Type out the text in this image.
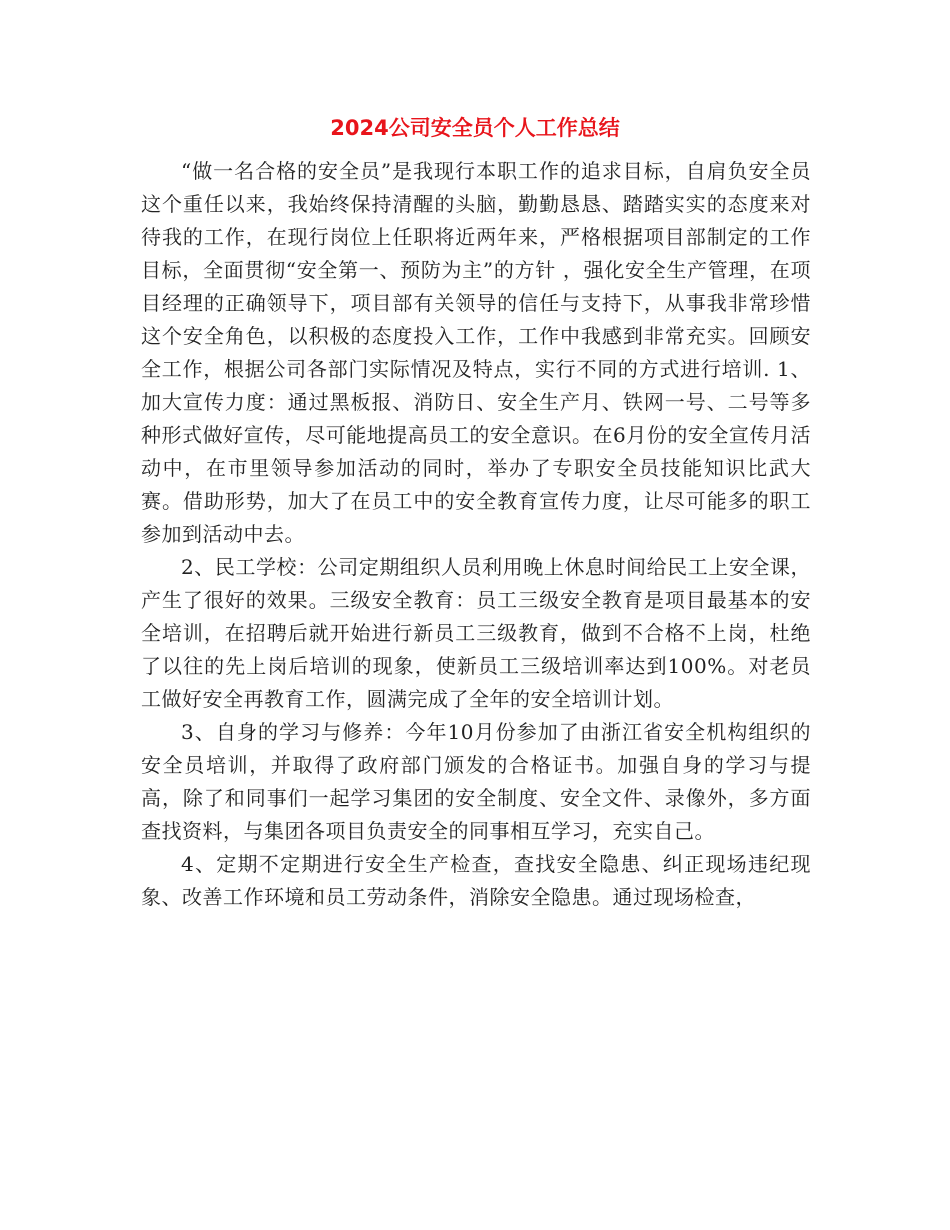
2024公司安全员个人工作总结

“做一名合格的安全员”是我现行本职工作的追求目标，自肩负安全员这个重任以来，我始终保持清醒的头脑，勤勤恳恳、踏踏实实的态度来对待我的工作，在现行岗位上任职将近两年来，严格根据项目部制定的工作目标，全面贯彻“安全第一、预防为主”的方针 ，强化安全生产管理，在项目经理的正确领导下，项目部有关领导的信任与支持下，从事我非常珍惜这个安全角色，以积极的态度投入工作，工作中我感到非常充实。回顾安全工作，根据公司各部门实际情况及特点，实行不同的方式进行培训. 1、加大宣传力度：通过黑板报、消防日、安全生产月、铁网一号、二号等多种形式做好宣传，尽可能地提高员工的安全意识。在6月份的安全宣传月活动中，在市里领导参加活动的同时，举办了专职安全员技能知识比武大赛。借助形势，加大了在员工中的安全教育宣传力度，让尽可能多的职工参加到活动中去。

2、民工学校：公司定期组织人员利用晚上休息时间给民工上安全课，产生了很好的效果。三级安全教育：员工三级安全教育是项目最基本的安全培训，在招聘后就开始进行新员工三级教育，做到不合格不上岗，杜绝了以往的先上岗后培训的现象，使新员工三级培训率达到100%。对老员工做好安全再教育工作，圆满完成了全年的安全培训计划。

3、自身的学习与修养：今年10月份参加了由浙江省安全机构组织的安全员培训，并取得了政府部门颁发的合格证书。加强自身的学习与提高，除了和同事们一起学习集团的安全制度、安全文件、录像外，多方面查找资料，与集团各项目负责安全的同事相互学习，充实自己。

4、定期不定期进行安全生产检查，查找安全隐患、纠正现场违纪现象、改善工作环境和员工劳动条件，消除安全隐患。通过现场检查，
